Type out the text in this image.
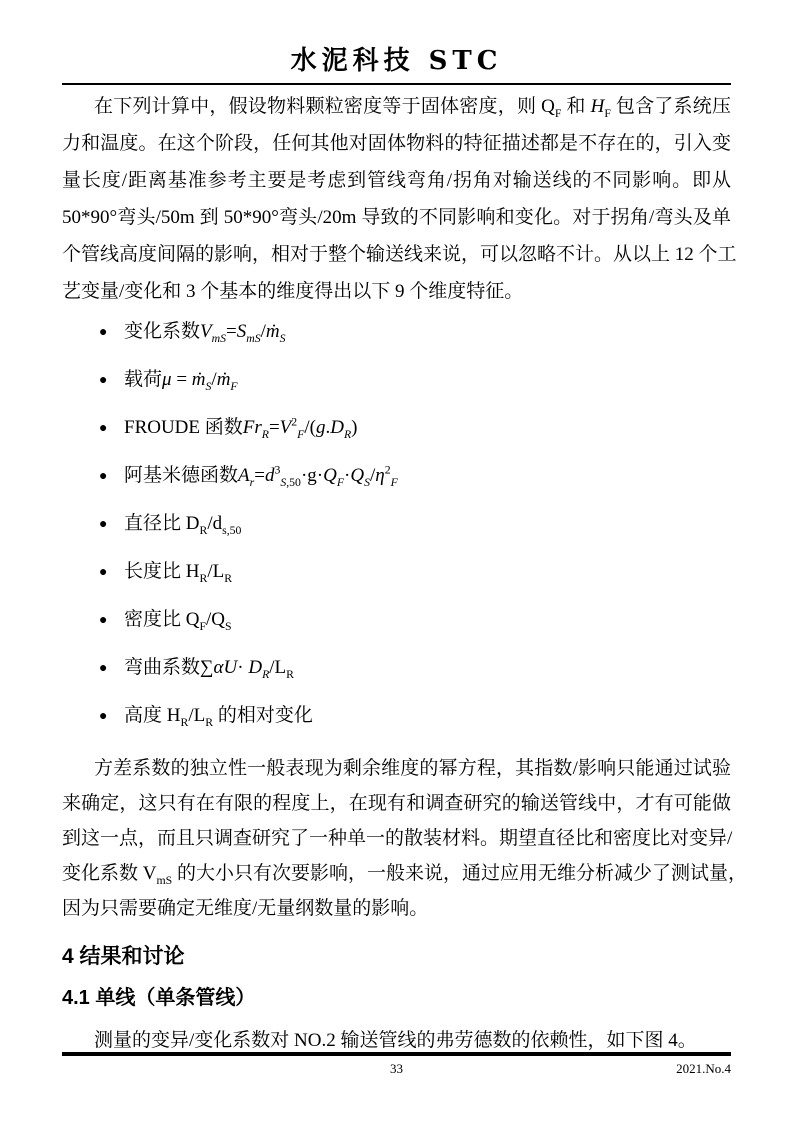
水泥科技 STC
在下列计算中，假设物料颗粒密度等于固体密度，则 $Q_F$ 和 $H_F$ 包含了系统压
力和温度。在这个阶段，任何其他对固体物料的特征描述都是不存在的，引入变
量长度/距离基准参考主要是考虑到管线弯角/拐角对输送线的不同影响。即从
50*90°弯头/50m 到 50*90°弯头/20m 导致的不同影响和变化。对于拐角/弯头及单
个管线高度间隔的影响，相对于整个输送线来说，可以忽略不计。从以上 12 个工
艺变量/变化和 3 个基本的维度得出以下 9 个维度特征。
● 变化系数$V_{mS}=S_{mS}/ṁ_S$
● 载荷μ = ṁ$_S$/ṁ$_F$
● FROUDE 函数$Fr_R=V^2_F/(g.D_R)$
● 阿基米德函数$A_r=d^3_{S,50}\cdot g\cdot Q_F\cdot Q_S/\eta^2_F$
● 直径比 $D_R/d_{s,50}$
● 长度比 $H_R/L_R$
● 密度比 $Q_F/Q_S$
● 弯曲系数$\sum\alpha U\cdot D_R/L_R$
● 高度 $H_R/L_R$ 的相对变化
方差系数的独立性一般表现为剩余维度的幂方程，其指数/影响只能通过试验
来确定，这只有在有限的程度上，在现有和调查研究的输送管线中，才有可能做
到这一点，而且只调查研究了一种单一的散装材料。期望直径比和密度比对变异/
变化系数 $V_{mS}$ 的大小只有次要影响，一般来说，通过应用无维分析减少了测试量，
因为只需要确定无维度/无量纲数量的影响。
4 结果和讨论
4.1 单线（单条管线）
测量的变异/变化系数对 NO.2 输送管线的弗劳德数的依赖性，如下图 4。
33	2021.No.4
